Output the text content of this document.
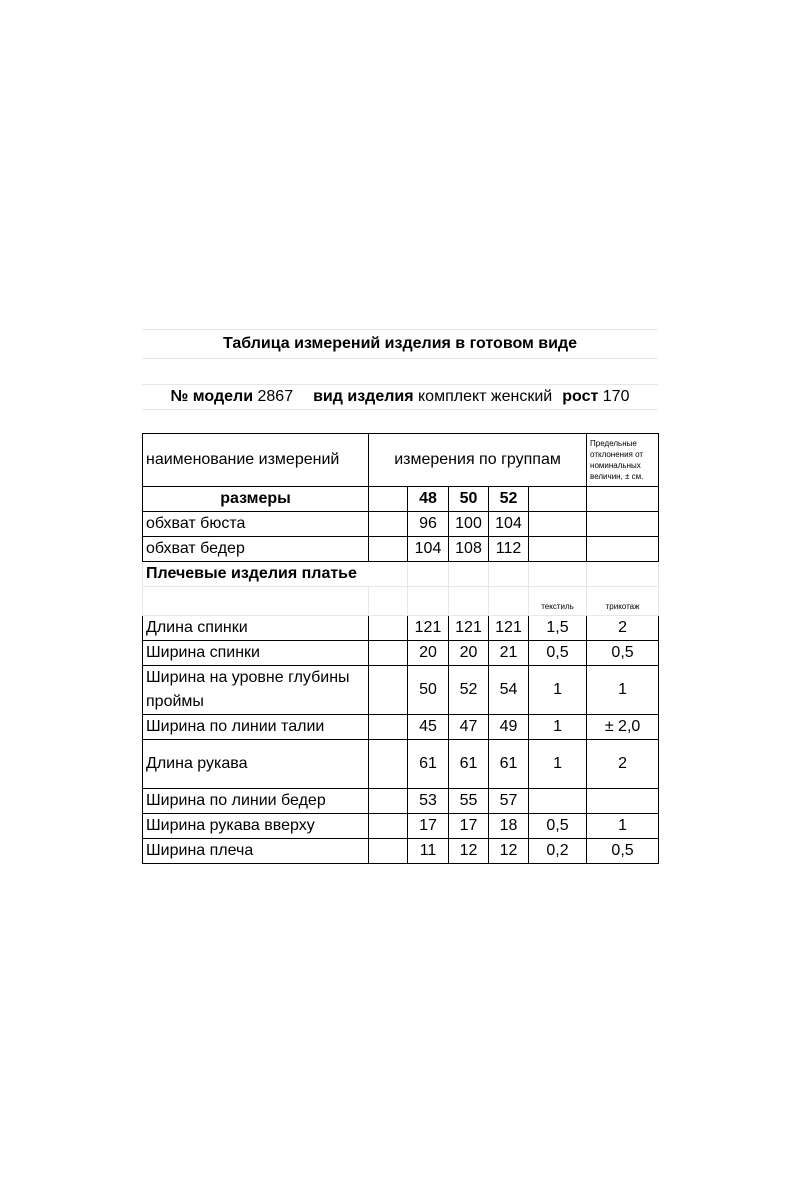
Таблица измерений изделия в готовом виде
№ модели
2867 вид изделия
комплект женский рост
170
наименование измерений	измерения по группам					Предельные отклонения от номинальных величин, ± см.
размеры		48	50	52		
обхват бюста		96	100	104		
обхват бедер		104	108	112		
Плечевые изделия платье						
					текстиль	трикотаж
Длина спинки		121	121	121	1,5	2
Ширина спинки		20	20	21	0,5	0,5
Ширина на уровне глубины проймы		50	52	54	1	1
Ширина по линии талии		45	47	49	1	± 2,0
Длина рукава		61	61	61	1	2
Ширина по линии бедер		53	55	57		
Ширина рукава вверху		17	17	18	0,5	1
Ширина плеча		11	12	12	0,2	0,5
